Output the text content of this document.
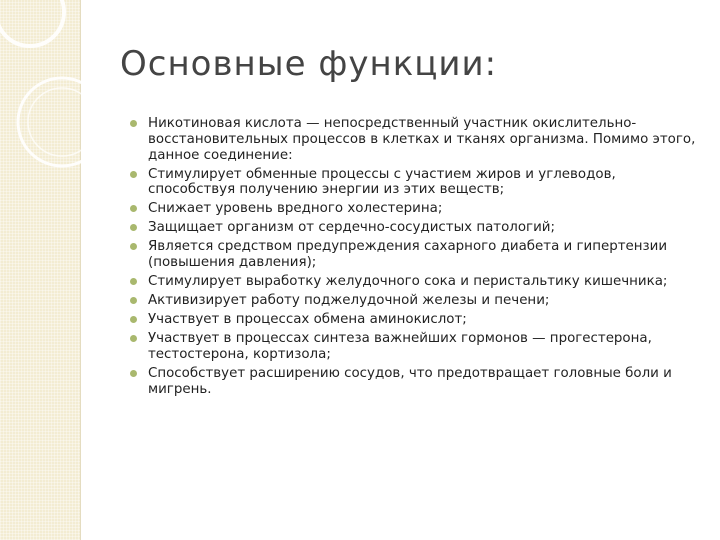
Основные функции:
Никотиновая кислота — непосредственный участник окислительно-восстановительных процессов в клетках и тканях организма. Помимо этого, данное соединение:
Стимулирует обменные процессы с участием жиров и углеводов, способствуя получению энергии из этих веществ;
Снижает уровень вредного холестерина;
Защищает организм от сердечно-сосудистых патологий;
Является средством предупреждения сахарного диабета и гипертензии (повышения давления);
Стимулирует выработку желудочного сока и перистальтику кишечника;
Активизирует работу поджелудочной железы и печени;
Участвует в процессах обмена аминокислот;
Участвует в процессах синтеза важнейших гормонов — прогестерона, тестостерона, кортизола;
Способствует расширению сосудов, что предотвращает головные боли и мигрень.
